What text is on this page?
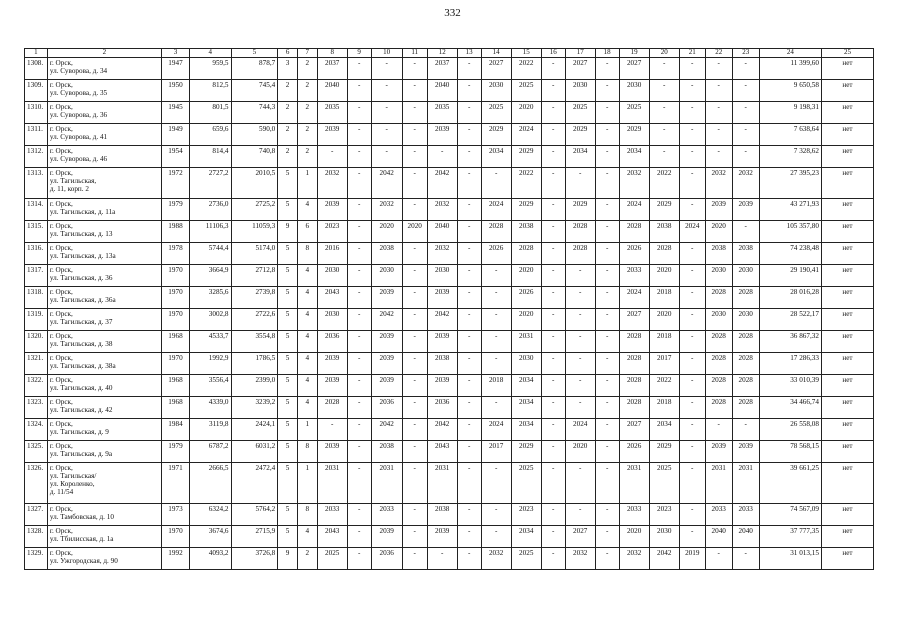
332
1	2	3	4	5	6	7	8	9	10	11	12	13	14	15	16	17	18	19	20	21	22	23	24	25
1308.	г. Орск,
ул. Суворова, д. 34	1947	959,5	878,7	3	2	2037	-	-	-	2037	-	2027	2022	-	2027	-	2027	-	-	-	-	11 399,60	нет
1309.	г. Орск,
ул. Суворова, д. 35	1950	812,5	745,4	2	2	2040	-	-	-	2040	-	2030	2025	-	2030	-	2030	-	-	-	-	9 650,58	нет
1310.	г. Орск,
ул. Суворова, д. 36	1945	801,5	744,3	2	2	2035	-	-	-	2035	-	2025	2020	-	2025	-	2025	-	-	-	-	9 198,31	нет
1311.	г. Орск,
ул. Суворова, д. 41	1949	659,6	590,0	2	2	2039	-	-	-	2039	-	2029	2024	-	2029	-	2029	-	-	-	-	7 638,64	нет
1312.	г. Орск,
ул. Суворова, д. 46	1954	814,4	740,8	2	2	-	-	-	-	-	-	2034	2029	-	2034	-	2034	-	-	-	-	7 328,62	нет
1313.	г. Орск,
ул. Тагильская,
д. 11, корп. 2	1972	2727,2	2010,5	5	1	2032	-	2042	-	2042	-	-	2022	-	-	-	2032	2022	-	2032	2032	27 395,23	нет
1314.	г. Орск,
ул. Тагильская, д. 11а	1979	2736,0	2725,2	5	4	2039	-	2032	-	2032	-	2024	2029	-	2029	-	2024	2029	-	2039	2039	43 271,93	нет
1315.	г. Орск,
ул. Тагильская, д. 13	1988	11106,3	11059,3	9	6	2023	-	2020	2020	2040	-	2028	2038	-	2028	-	2028	2038	2024	2020	-	105 357,80	нет
1316.	г. Орск,
ул. Тагильская, д. 13а	1978	5744,4	5174,0	5	8	2016	-	2038	-	2032	-	2026	2028	-	2028	-	2026	2028	-	2038	2038	74 238,48	нет
1317.	г. Орск,
ул. Тагильская, д. 36	1970	3664,9	2712,8	5	4	2030	-	2030	-	2030	-	-	2020	-	-	-	2033	2020	-	2030	2030	29 190,41	нет
1318.	г. Орск,
ул. Тагильская, д. 36а	1970	3285,6	2739,8	5	4	2043	-	2039	-	2039	-	-	2026	-	-	-	2024	2018	-	2028	2028	28 016,28	нет
1319.	г. Орск,
ул. Тагильская, д. 37	1970	3002,8	2722,6	5	4	2030	-	2042	-	2042	-	-	2020	-	-	-	2027	2020	-	2030	2030	28 522,17	нет
1320.	г. Орск,
ул. Тагильская, д. 38	1968	4533,7	3554,8	5	4	2036	-	2039	-	2039	-	-	2031	-	-	-	2028	2018	-	2028	2028	36 867,32	нет
1321.	г. Орск,
ул. Тагильская, д. 38а	1970	1992,9	1786,5	5	4	2039	-	2039	-	2038	-	-	2030	-	-	-	2028	2017	-	2028	2028	17 286,33	нет
1322.	г. Орск,
ул. Тагильская, д. 40	1968	3556,4	2399,0	5	4	2039	-	2039	-	2039	-	2018	2034	-	-	-	2028	2022	-	2028	2028	33 010,39	нет
1323.	г. Орск,
ул. Тагильская, д. 42	1968	4339,0	3239,2	5	4	2028	-	2036	-	2036	-	-	2034	-	-	-	2028	2018	-	2028	2028	34 466,74	нет
1324.	г. Орск,
ул. Тагильская, д. 9	1984	3119,8	2424,1	5	1	-	-	2042	-	2042	-	2024	2034	-	2024	-	2027	2034	-	-	-	26 558,08	нет
1325.	г. Орск,
ул. Тагильская, д. 9а	1979	6787,2	6031,2	5	8	2039	-	2038	-	2043	-	2017	2029	-	2020	-	2026	2029	-	2039	2039	78 568,15	нет
1326.	г. Орск,
ул. Тагильская/
ул. Короленко,
д. 11/54	1971	2666,5	2472,4	5	1	2031	-	2031	-	2031	-	-	2025	-	-	-	2031	2025	-	2031	2031	39 661,25	нет
1327.	г. Орск,
ул. Тамбовская, д. 10	1973	6324,2	5764,2	5	8	2033	-	2033	-	2038	-	-	2023	-	-	-	2033	2023	-	2033	2033	74 567,09	нет
1328.	г. Орск,
ул. Тбилисская, д. 1а	1970	3674,6	2715,9	5	4	2043	-	2039	-	2039	-	-	2034	-	2027	-	2020	2030	-	2040	2040	37 777,35	нет
1329.	г. Орск,
ул. Ужгородская, д. 90	1992	4093,2	3726,8	9	2	2025	-	2036	-	-	-	2032	2025	-	2032	-	2032	2042	2019	-	-	31 013,15	нет
